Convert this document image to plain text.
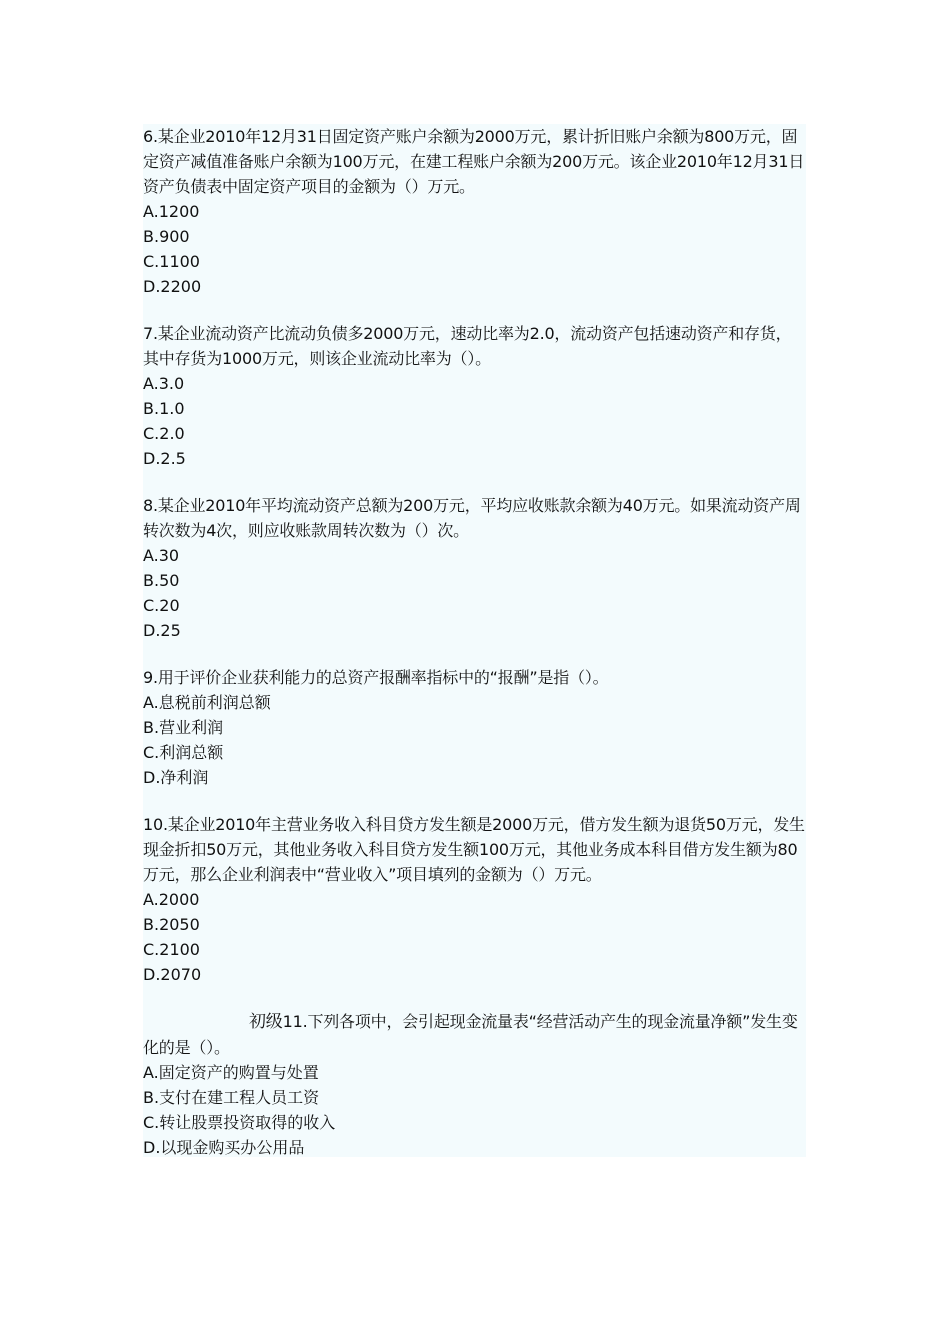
6.某企业2010年12月31日固定资产账户余额为2000万元，累计折旧账户余额为800万元，固定资产减值准备账户余额为100万元，在建工程账户余额为200万元。该企业2010年12月31日资产负债表中固定资产项目的金额为（）万元。

A.1200

B.900

C.1100

D.2200

7.某企业流动资产比流动负债多2000万元，速动比率为2.0，流动资产包括速动资产和存货，其中存货为1000万元，则该企业流动比率为（）。

A.3.0

B.1.0

C.2.0

D.2.5

8.某企业2010年平均流动资产总额为200万元，平均应收账款余额为40万元。如果流动资产周转次数为4次，则应收账款周转次数为（）次。

A.30

B.50

C.20

D.25

9.用于评价企业获利能力的总资产报酬率指标中的“报酬”是指（）。

A.息税前利润总额

B.营业利润

C.利润总额

D.净利润

10.某企业2010年主营业务收入科目贷方发生额是2000万元，借方发生额为退货50万元，发生现金折扣50万元，其他业务收入科目贷方发生额100万元，其他业务成本科目借方发生额为80万元，那么企业利润表中“营业收入”项目填列的金额为（）万元。

A.2000

B.2050

C.2100

D.2070

初级11.下列各项中，会引起现金流量表“经营活动产生的现金流量净额”发生变化的是（）。

A.固定资产的购置与处置

B.支付在建工程人员工资

C.转让股票投资取得的收入

D.以现金购买办公用品
